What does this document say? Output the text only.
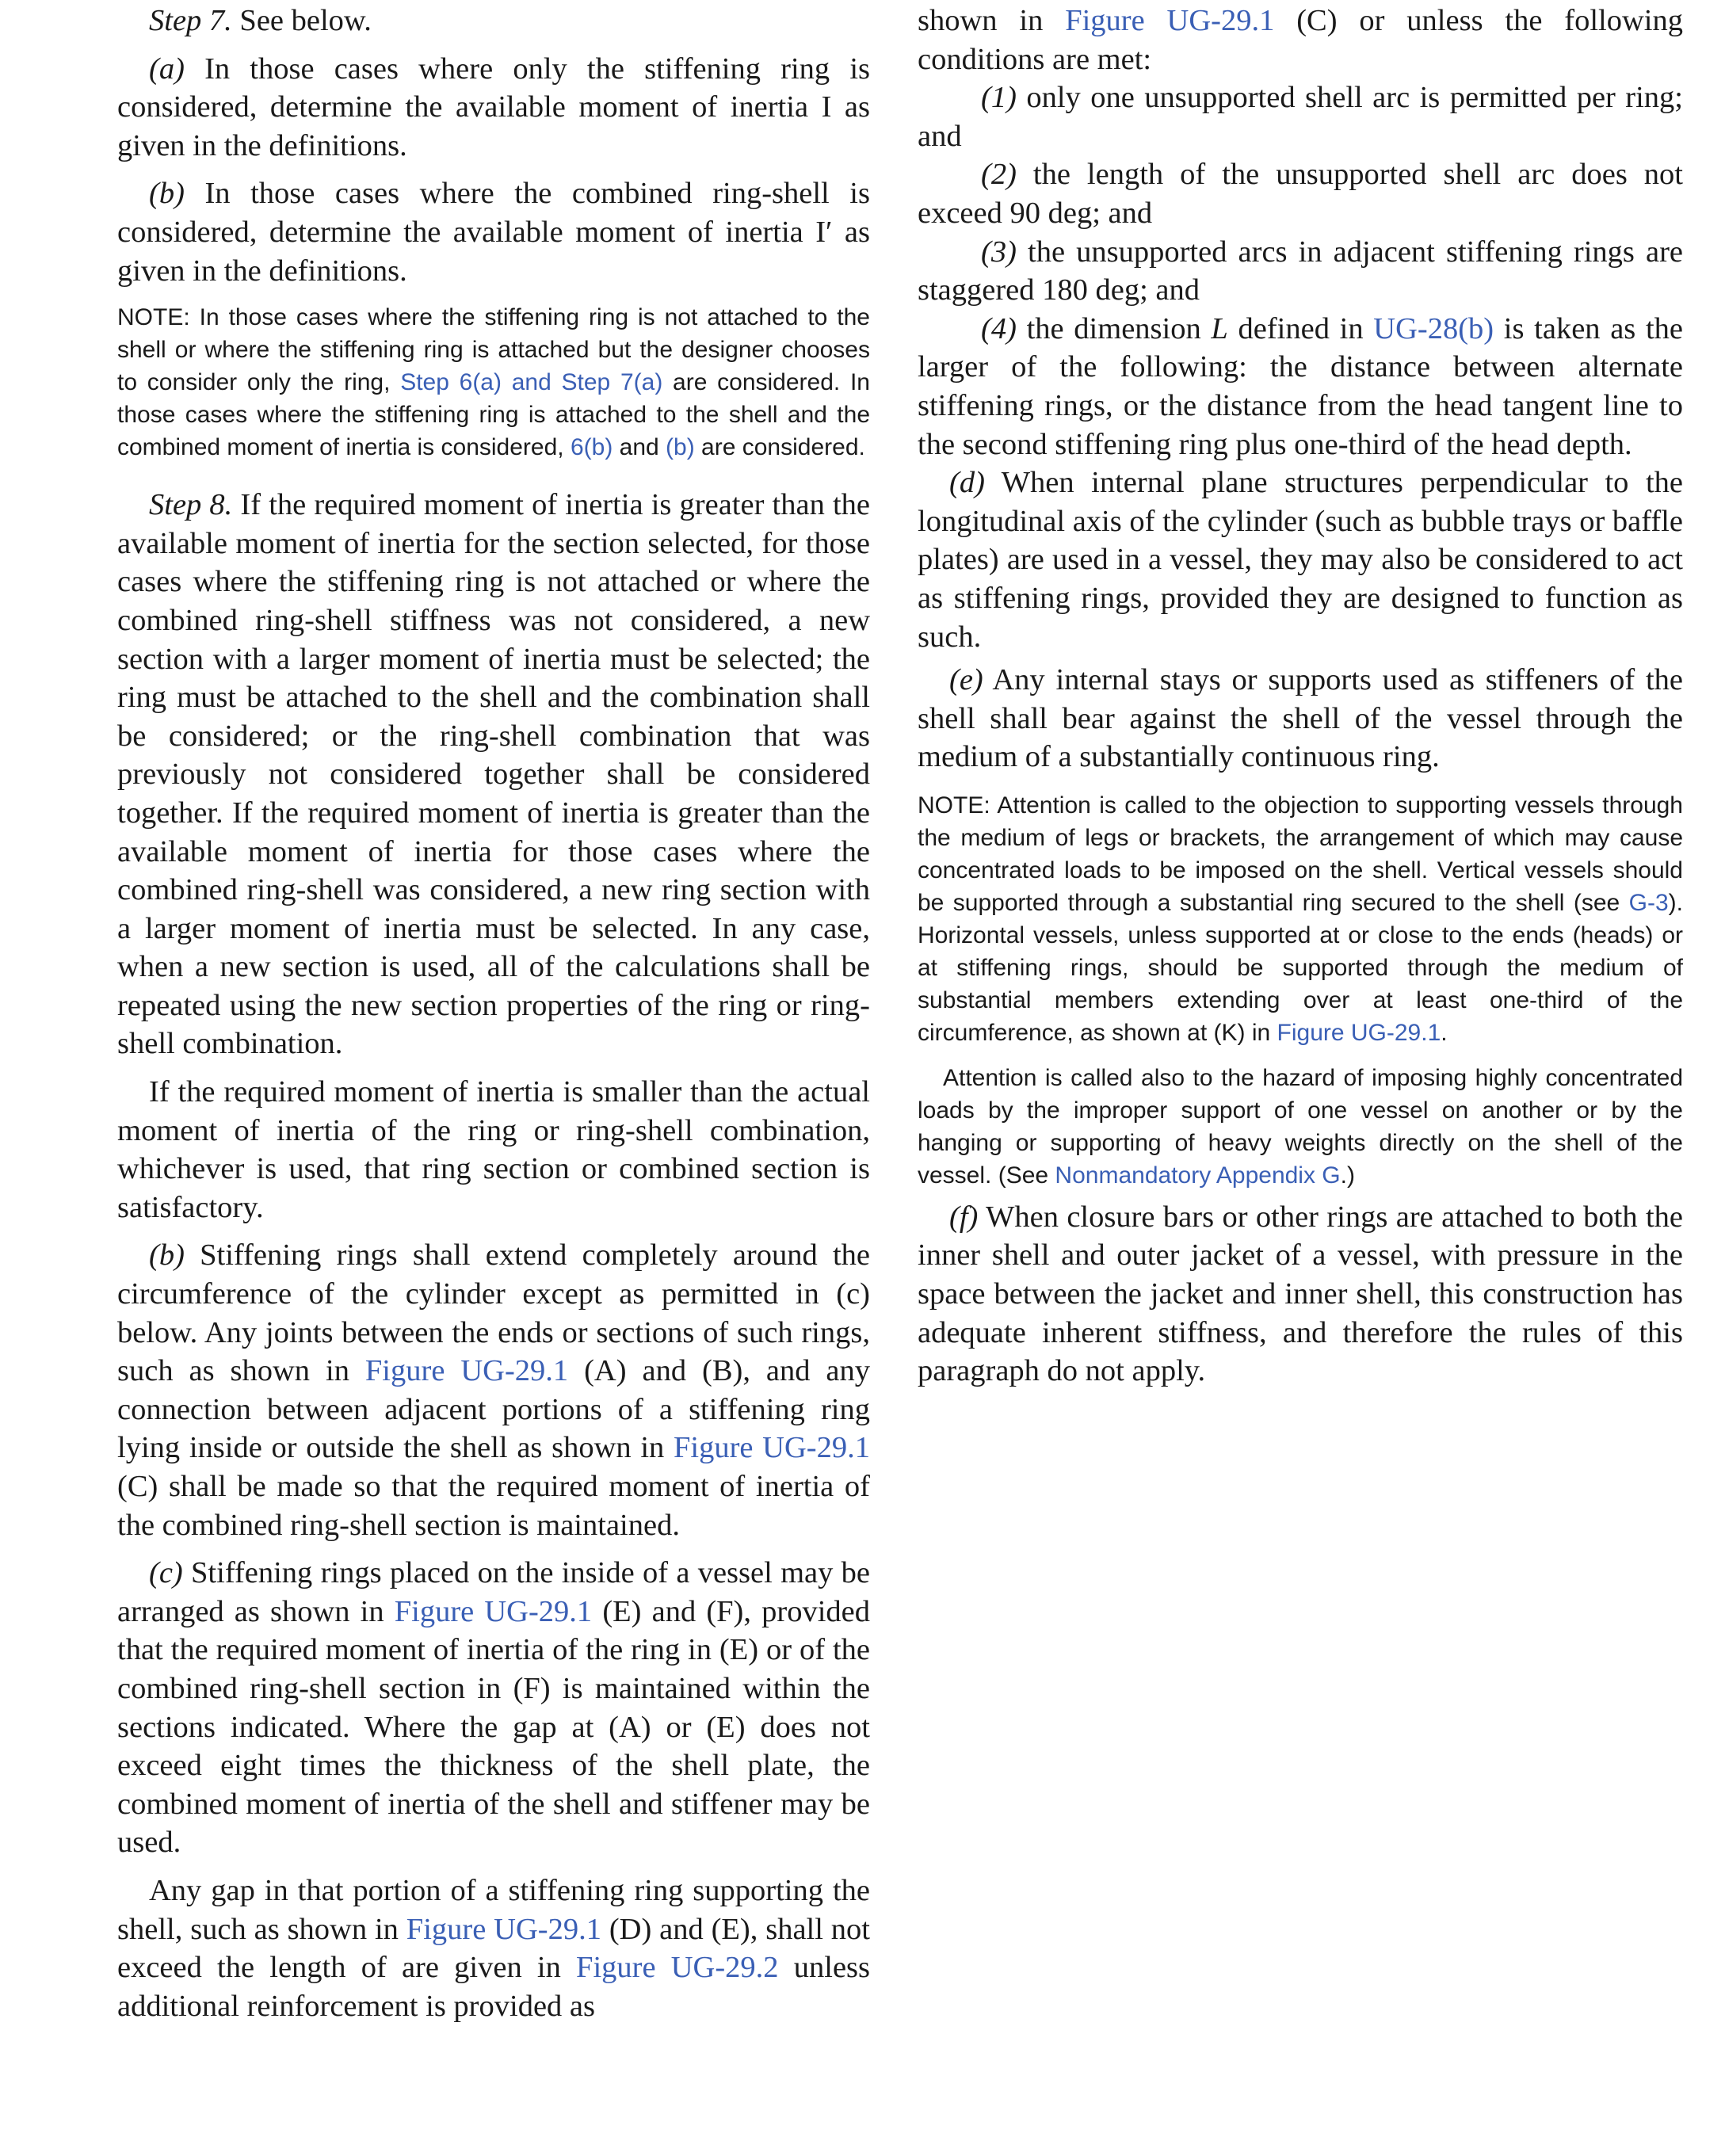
Step 7. See below.

(a) In those cases where only the stiffening ring is considered, determine the available moment of inertia I as given in the definitions.

(b) In those cases where the combined ring-shell is considered, determine the available moment of inertia I′ as given in the definitions.

NOTE: In those cases where the stiffening ring is not attached to the shell or where the stiffening ring is attached but the designer chooses to consider only the ring, Step 6(a) and Step 7(a) are considered. In those cases where the stiffening ring is attached to the shell and the combined moment of inertia is considered, 6(b) and (b) are considered.

Step 8. If the required moment of inertia is greater than the available moment of inertia for the section selected, for those cases where the stiffening ring is not attached or where the combined ring-shell stiffness was not considered, a new section with a larger moment of inertia must be selected; the ring must be attached to the shell and the combination shall be considered; or the ring-shell combination that was previously not considered together shall be considered together. If the required moment of inertia is greater than the available moment of inertia for those cases where the combined ring-shell was considered, a new ring section with a larger moment of inertia must be selected. In any case, when a new section is used, all of the calculations shall be repeated using the new section properties of the ring or ring-shell combination.

If the required moment of inertia is smaller than the actual moment of inertia of the ring or ring-shell combination, whichever is used, that ring section or combined section is satisfactory.

(b) Stiffening rings shall extend completely around the circumference of the cylinder except as permitted in (c) below. Any joints between the ends or sections of such rings, such as shown in Figure UG-29.1 (A) and (B), and any connection between adjacent portions of a stiffening ring lying inside or outside the shell as shown in Figure UG-29.1 (C) shall be made so that the required moment of inertia of the combined ring-shell section is maintained.

(c) Stiffening rings placed on the inside of a vessel may be arranged as shown in Figure UG-29.1 (E) and (F), provided that the required moment of inertia of the ring in (E) or of the combined ring-shell section in (F) is maintained within the sections indicated. Where the gap at (A) or (E) does not exceed eight times the thickness of the shell plate, the combined moment of inertia of the shell and stiffener may be used.

Any gap in that portion of a stiffening ring supporting the shell, such as shown in Figure UG-29.1 (D) and (E), shall not exceed the length of are given in Figure UG-29.2 unless additional reinforcement is provided as

shown in Figure UG-29.1 (C) or unless the following conditions are met:

(1) only one unsupported shell arc is permitted per ring; and

(2) the length of the unsupported shell arc does not exceed 90 deg; and

(3) the unsupported arcs in adjacent stiffening rings are staggered 180 deg; and

(4) the dimension L defined in UG-28(b) is taken as the larger of the following: the distance between alternate stiffening rings, or the distance from the head tangent line to the second stiffening ring plus one-third of the head depth.

(d) When internal plane structures perpendicular to the longitudinal axis of the cylinder (such as bubble trays or baffle plates) are used in a vessel, they may also be considered to act as stiffening rings, provided they are designed to function as such.

(e) Any internal stays or supports used as stiffeners of the shell shall bear against the shell of the vessel through the medium of a substantially continuous ring.

NOTE: Attention is called to the objection to supporting vessels through the medium of legs or brackets, the arrangement of which may cause concentrated loads to be imposed on the shell. Vertical vessels should be supported through a substantial ring secured to the shell (see G-3). Horizontal vessels, unless supported at or close to the ends (heads) or at stiffening rings, should be supported through the medium of substantial members extending over at least one-third of the circumference, as shown at (K) in Figure UG-29.1.

Attention is called also to the hazard of imposing highly concentrated loads by the improper support of one vessel on another or by the hanging or supporting of heavy weights directly on the shell of the vessel. (See Nonmandatory Appendix G.)

(f) When closure bars or other rings are attached to both the inner shell and outer jacket of a vessel, with pressure in the space between the jacket and inner shell, this construction has adequate inherent stiffness, and therefore the rules of this paragraph do not apply.
